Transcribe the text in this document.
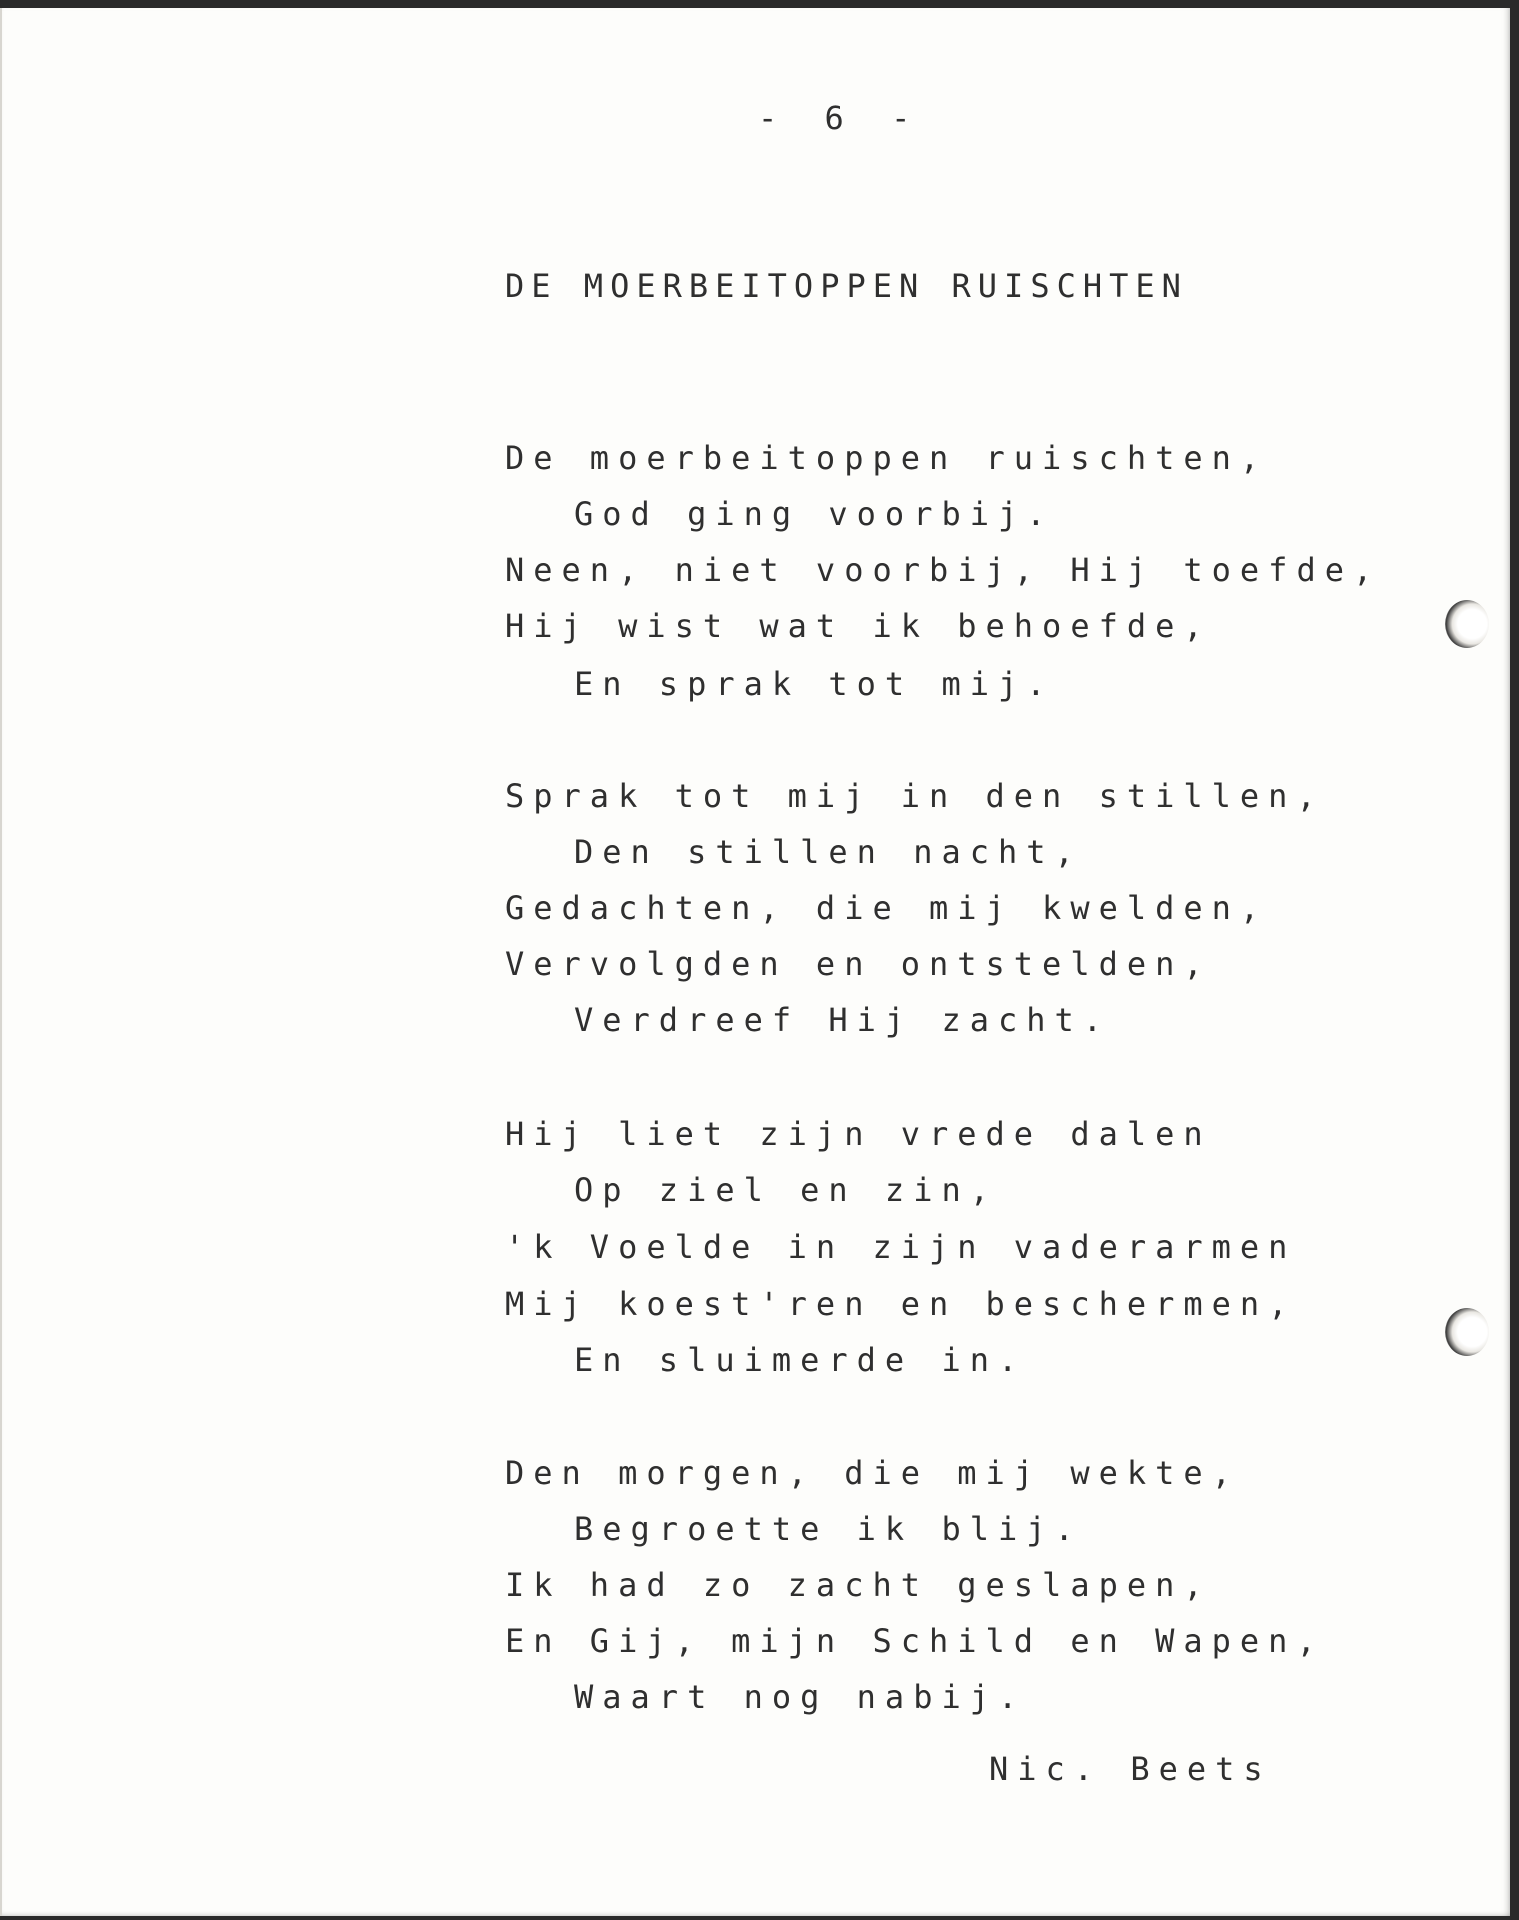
- 6 -
DE MOERBEITOPPEN RUISCHTEN
De moerbeitoppen ruischten,
God ging voorbij.
Neen, niet voorbij, Hij toefde,
Hij wist wat ik behoefde,
En sprak tot mij.
Sprak tot mij in den stillen,
Den stillen nacht,
Gedachten, die mij kwelden,
Vervolgden en ontstelden,
Verdreef Hij zacht.
Hij liet zijn vrede dalen
Op ziel en zin,
'k Voelde in zijn vaderarmen
Mij koest'ren en beschermen,
En sluimerde in.
Den morgen, die mij wekte,
Begroette ik blij.
Ik had zo zacht geslapen,
En Gij, mijn Schild en Wapen,
Waart nog nabij.
Nic. Beets
